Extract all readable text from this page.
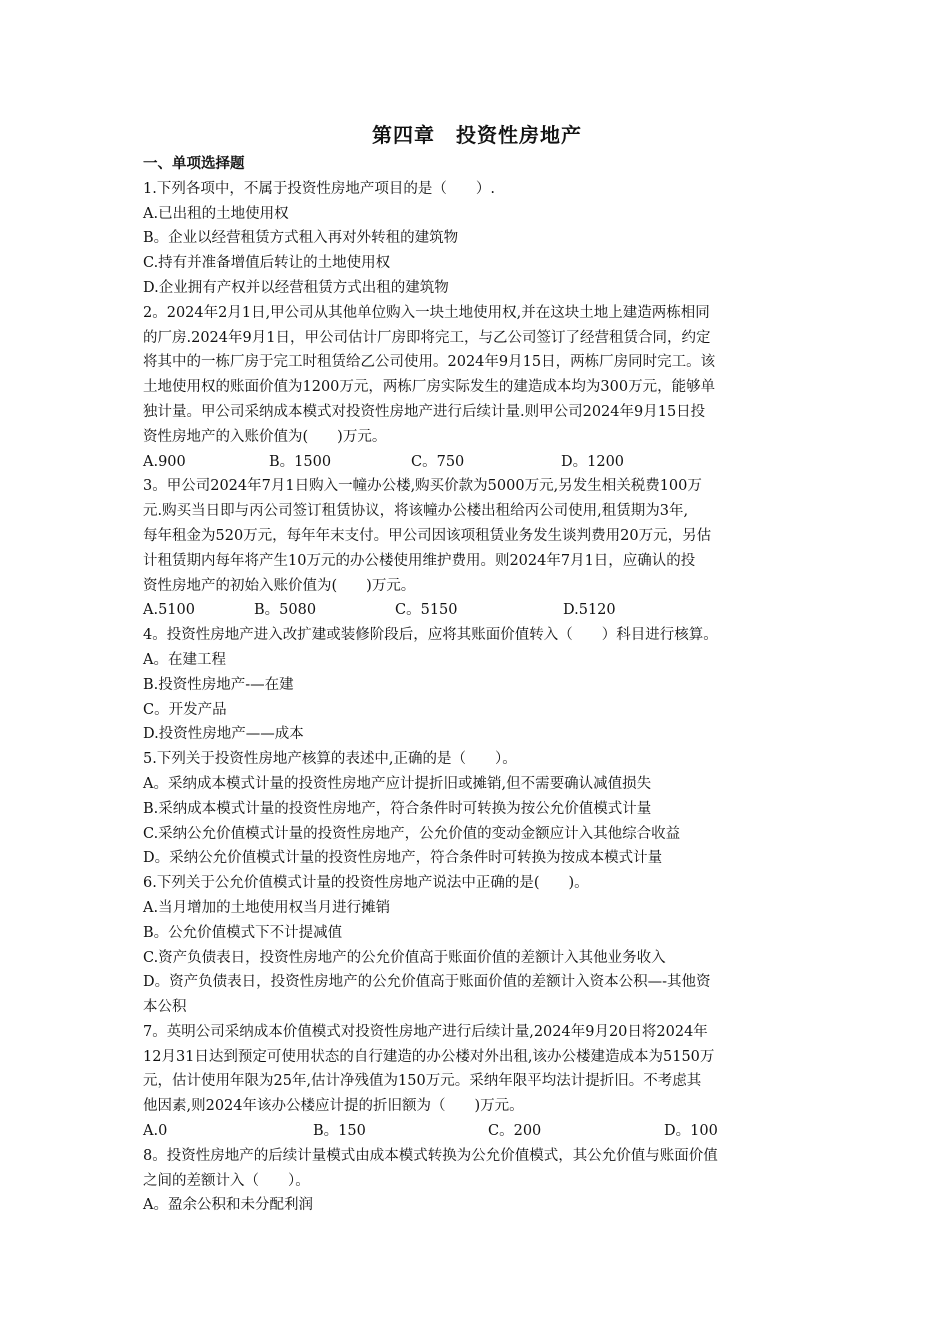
第四章　投资性房地产

一、单项选择题

1.下列各项中，不属于投资性房地产项目的是（　　）.

A.已出租的土地使用权

B。企业以经营租赁方式租入再对外转租的建筑物

C.持有并准备增值后转让的土地使用权

D.企业拥有产权并以经营租赁方式出租的建筑物

2。2024年2月1日,甲公司从其他单位购入一块土地使用权,并在这块土地上建造两栋相同

的厂房.2024年9月1日，甲公司估计厂房即将完工，与乙公司签订了经营租赁合同，约定

将其中的一栋厂房于完工时租赁给乙公司使用。2024年9月15日，两栋厂房同时完工。该

土地使用权的账面价值为1200万元，两栋厂房实际发生的建造成本均为300万元，能够单

独计量。甲公司采纳成本模式对投资性房地产进行后续计量.则甲公司2024年9月15日投

资性房地产的入账价值为(　　)万元。

A.900	B。1500	C。750	D。1200

3。甲公司2024年7月1日购入一幢办公楼,购买价款为5000万元,另发生相关税费100万

元.购买当日即与丙公司签订租赁协议，将该幢办公楼出租给丙公司使用,租赁期为3年,

每年租金为520万元，每年年末支付。甲公司因该项租赁业务发生谈判费用20万元，另估

计租赁期内每年将产生10万元的办公楼使用维护费用。则2024年7月1日，应确认的投

资性房地产的初始入账价值为(　　)万元。

A.5100	B。5080	C。5150	D.5120

4。投资性房地产进入改扩建或装修阶段后，应将其账面价值转入（　　）科目进行核算。

A。在建工程

B.投资性房地产-—在建

C。开发产品

D.投资性房地产——成本

5.下列关于投资性房地产核算的表述中,正确的是（　　）。

A。采纳成本模式计量的投资性房地产应计提折旧或摊销,但不需要确认减值损失

B.采纳成本模式计量的投资性房地产，符合条件时可转换为按公允价值模式计量

C.采纳公允价值模式计量的投资性房地产，公允价值的变动金额应计入其他综合收益

D。采纳公允价值模式计量的投资性房地产，符合条件时可转换为按成本模式计量

6.下列关于公允价值模式计量的投资性房地产说法中正确的是(　　)。

A.当月增加的土地使用权当月进行摊销

B。公允价值模式下不计提减值

C.资产负债表日，投资性房地产的公允价值高于账面价值的差额计入其他业务收入

D。资产负债表日，投资性房地产的公允价值高于账面价值的差额计入资本公积—-其他资

本公积

7。英明公司采纳成本价值模式对投资性房地产进行后续计量,2024年9月20日将2024年

12月31日达到预定可使用状态的自行建造的办公楼对外出租,该办公楼建造成本为5150万

元，估计使用年限为25年,估计净残值为150万元。采纳年限平均法计提折旧。不考虑其

他因素,则2024年该办公楼应计提的折旧额为（　　)万元。

A.0	B。150	C。200	D。100

8。投资性房地产的后续计量模式由成本模式转换为公允价值模式，其公允价值与账面价值

之间的差额计入（　　）。

A。盈余公积和未分配利润
